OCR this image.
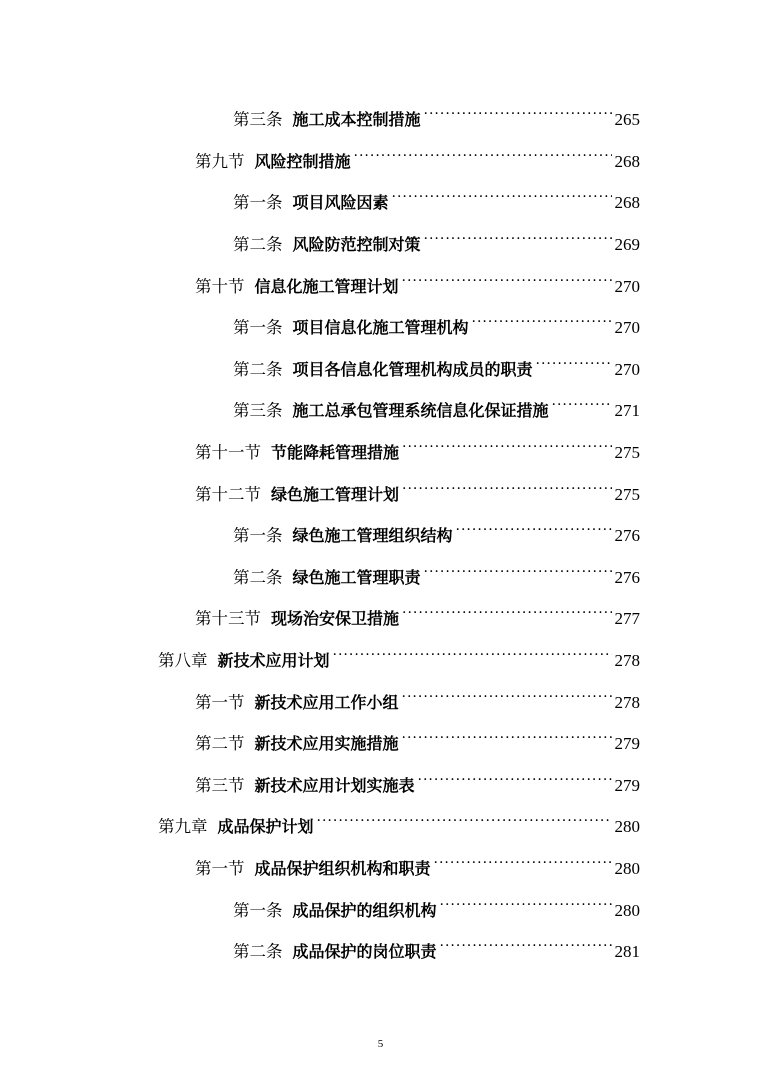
第三条 施工成本控制措施 .....	265
第九节 风险控制措施 .....	268
第一条 项目风险因素 .....	268
第二条 风险防范控制对策 .....	269
第十节 信息化施工管理计划 .....	270
第一条 项目信息化施工管理机构 .....	270
第二条 项目各信息化管理机构成员的职责 .....	270
第三条 施工总承包管理系统信息化保证措施 .....	271
第十一节 节能降耗管理措施 .....	275
第十二节 绿色施工管理计划 .....	275
第一条 绿色施工管理组织结构 .....	276
第二条 绿色施工管理职责 .....	276
第十三节 现场治安保卫措施 .....	277
第八章 新技术应用计划 .....	278
第一节 新技术应用工作小组 .....	278
第二节 新技术应用实施措施 .....	279
第三节 新技术应用计划实施表 .....	279
第九章 成品保护计划 .....	280
第一节 成品保护组织机构和职责 .....	280
第一条 成品保护的组织机构 .....	280
第二条 成品保护的岗位职责 .....	281
5
